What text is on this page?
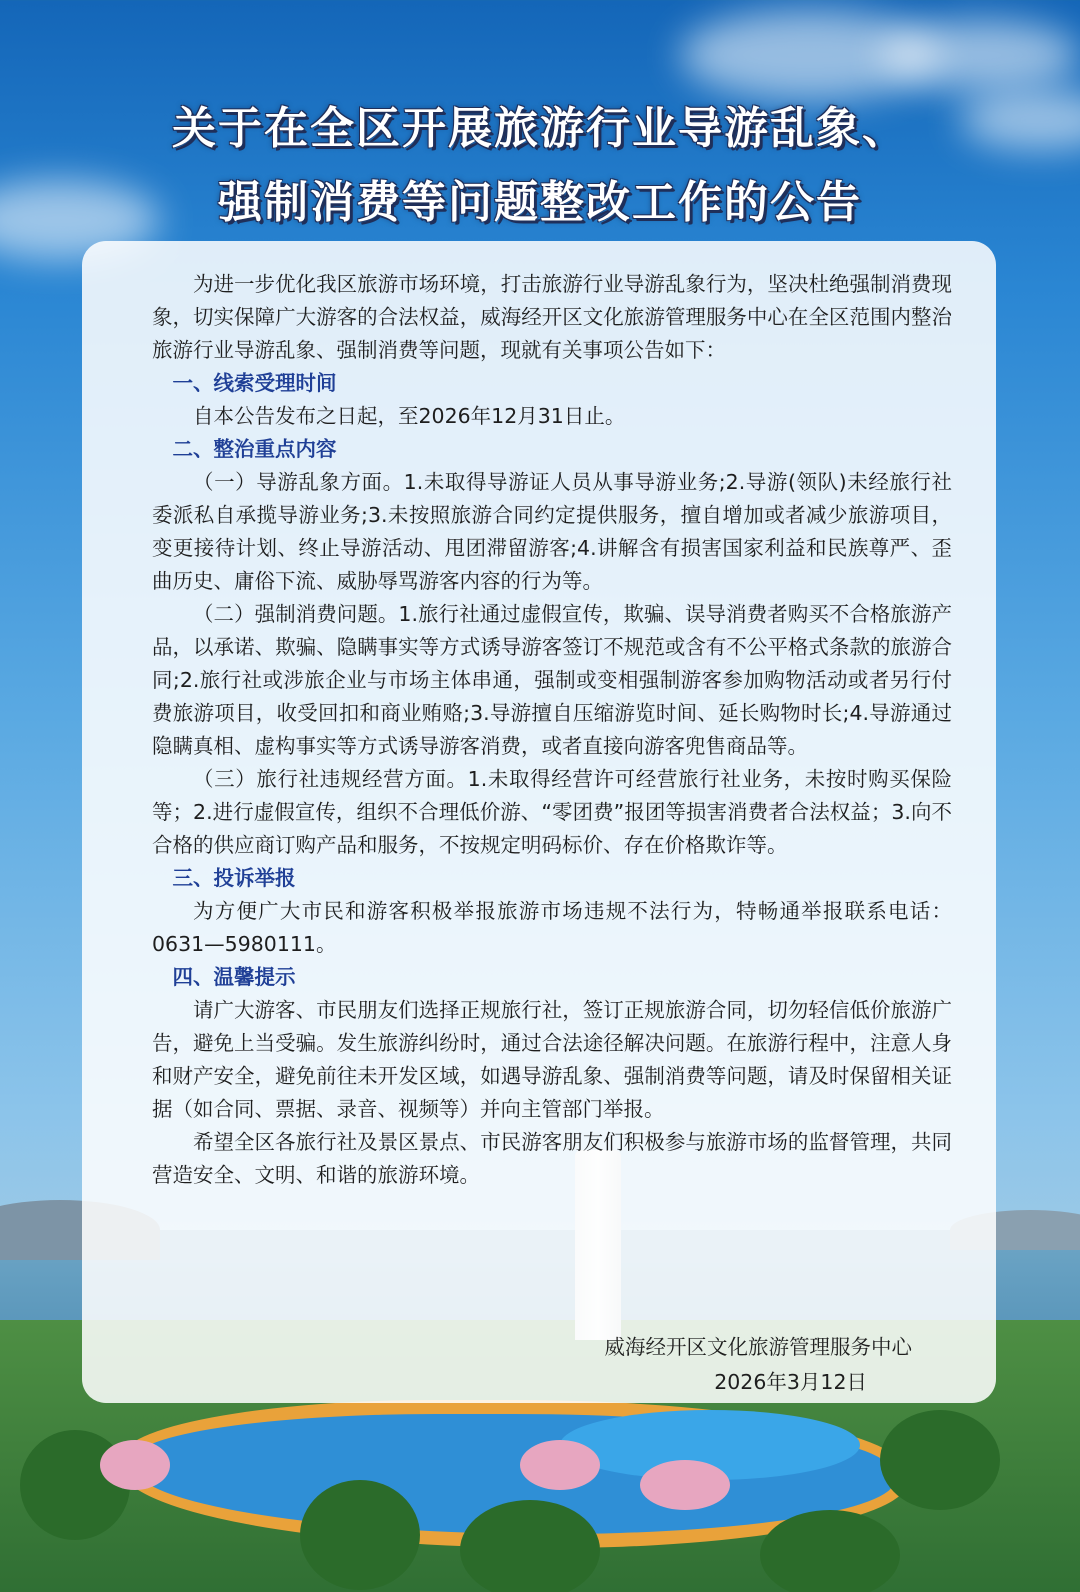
关于在全区开展旅游行业导游乱象、
强制消费等问题整改工作的公告

为进一步优化我区旅游市场环境，打击旅游行业导游乱象行为，坚决杜绝强制消费现象，切实保障广大游客的合法权益，威海经开区文化旅游管理服务中心在全区范围内整治旅游行业导游乱象、强制消费等问题，现就有关事项公告如下：

一、线索受理时间

自本公告发布之日起，至2026年12月31日止。

二、整治重点内容

（一）导游乱象方面。1.未取得导游证人员从事导游业务;2.导游(领队)未经旅行社委派私自承揽导游业务;3.未按照旅游合同约定提供服务，擅自增加或者减少旅游项目，变更接待计划、终止导游活动、甩团滞留游客;4.讲解含有损害国家利益和民族尊严、歪曲历史、庸俗下流、威胁辱骂游客内容的行为等。

（二）强制消费问题。1.旅行社通过虚假宣传，欺骗、误导消费者购买不合格旅游产品，以承诺、欺骗、隐瞒事实等方式诱导游客签订不规范或含有不公平格式条款的旅游合同;2.旅行社或涉旅企业与市场主体串通，强制或变相强制游客参加购物活动或者另行付费旅游项目，收受回扣和商业贿赂;3.导游擅自压缩游览时间、延长购物时长;4.导游通过隐瞒真相、虚构事实等方式诱导游客消费，或者直接向游客兜售商品等。

（三）旅行社违规经营方面。1.未取得经营许可经营旅行社业务，未按时购买保险等；2.进行虚假宣传，组织不合理低价游、“零团费”报团等损害消费者合法权益；3.向不合格的供应商订购产品和服务，不按规定明码标价、存在价格欺诈等。

三、投诉举报

为方便广大市民和游客积极举报旅游市场违规不法行为，特畅通举报联系电话：0631—5980111。

四、温馨提示

请广大游客、市民朋友们选择正规旅行社，签订正规旅游合同，切勿轻信低价旅游广告，避免上当受骗。发生旅游纠纷时，通过合法途径解决问题。在旅游行程中，注意人身和财产安全，避免前往未开发区域，如遇导游乱象、强制消费等问题，请及时保留相关证据（如合同、票据、录音、视频等）并向主管部门举报。

希望全区各旅行社及景区景点、市民游客朋友们积极参与旅游市场的监督管理，共同营造安全、文明、和谐的旅游环境。

威海经开区文化旅游管理服务中心
2026年3月12日
